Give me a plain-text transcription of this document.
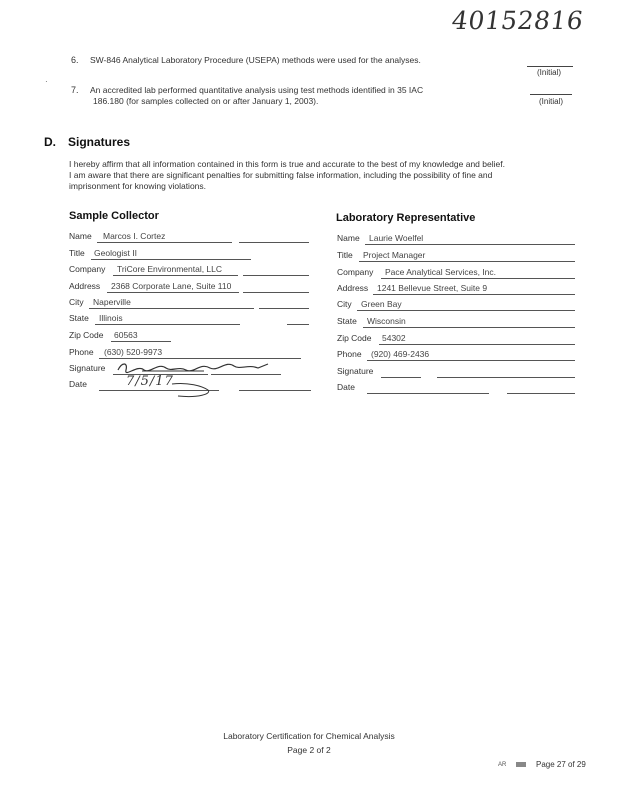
40152816
6. SW-846 Analytical Laboratory Procedure (USEPA) methods were used for the analyses.
(Initial)
·
7. An accredited lab performed quantitative analysis using test methods identified in 35 IAC
186.180 (for samples collected on or after January 1, 2003).	(Initial)
D. Signatures
I hereby affirm that all information contained in this form is true and accurate to the best of my knowledge and belief.
I am aware that there are significant penalties for submitting false information, including the possibility of fine and
imprisonment for knowing violations.
Sample Collector	Laboratory Representative
Name Marcos I. Cortez
Title Geologist II
Company TriCore Environmental, LLC
Address 2368 Corporate Lane, Suite 110
City Naperville
State Illinois
Zip Code 60563
Phone (630) 520-9973
Signature
Date	7/5/17
Name Laurie Woelfel
Title Project Manager
Company Pace Analytical Services, Inc.
Address 1241 Bellevue Street, Suite 9
City Green Bay
State Wisconsin
Zip Code 54302
Phone (920) 469-2436
Signature
Date
Laboratory Certification for Chemical Analysis
Page 2 of 2
AR	Page 27 of 29
